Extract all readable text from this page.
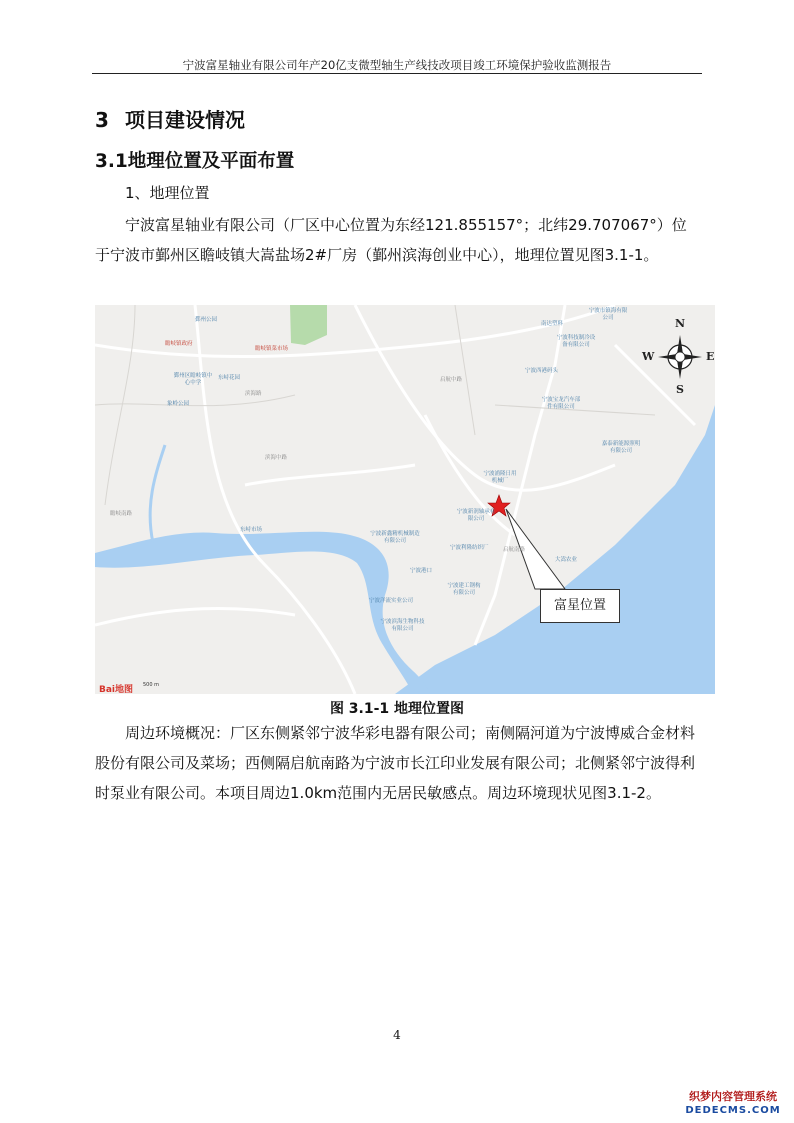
宁波富星轴业有限公司年产20亿支微型轴生产线技改项目竣工环境保护验收监测报告
3 项目建设情况
3.1地理位置及平面布置
1、地理位置
宁波富星轴业有限公司（厂区中心位置为东经121.855157°；北纬29.707067°）位于宁波市鄞州区瞻岐镇大嵩盐场2#厂房（鄞州滨海创业中心），地理位置见图3.1-1。
N
S
E
W
鄞州公园
瞻岐镇政府
瞻岐镇菜市场
鄞州区瞻岐镇中心中学
东峙花园
象岭公园
东峙市场
宁波市镇海有限公司
南达塑料
宁波科技制冷设备有限公司
宁波西港码头
宁波宝龙汽车部件有限公司
嘉泰新能源照明有限公司
宁波浦隆日用机械厂
宁波新润轴承有限公司
宁波新鑫精机械制造有限公司
宁波利隆纺织厂
宁波港口
宁波建工钢构有限公司
宁波洋流实业公司
宁波滨海生物科技有限公司
大嵩农业
滨海路
启航中路
启航南路
滨海中路
瞻岐南路
富星位置
Bai地图 500 m
图 3.1-1 地理位置图
周边环境概况：厂区东侧紧邻宁波华彩电器有限公司；南侧隔河道为宁波博威合金材料股份有限公司及菜场；西侧隔启航南路为宁波市长江印业发展有限公司；北侧紧邻宁波得利时泵业有限公司。本项目周边1.0km范围内无居民敏感点。周边环境现状见图3.1-2。
4
织梦内容管理系统
DEDECMS.COM
